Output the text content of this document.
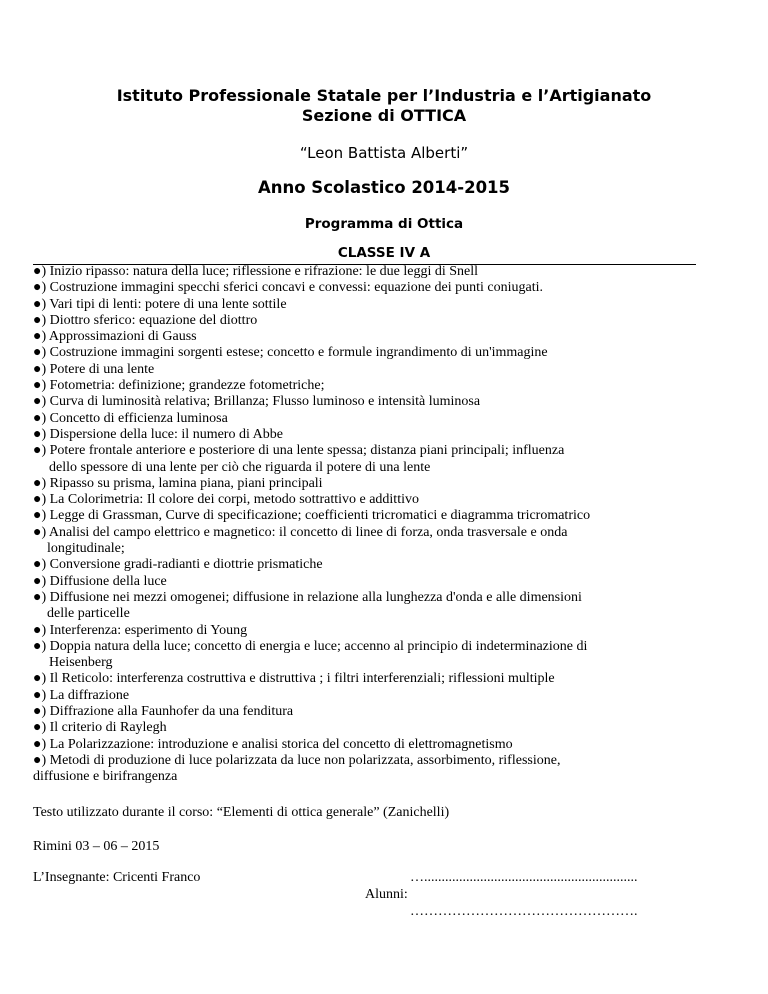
Istituto Professionale Statale per l’Industria e l’Artigianato
Sezione di OTTICA
“Leon Battista Alberti”
Anno Scolastico 2014-2015
Programma di Ottica
CLASSE IV A
●) Inizio ripasso: natura della luce; riflessione e rifrazione: le due leggi di Snell
●) Costruzione immagini specchi sferici concavi e convessi: equazione dei punti coniugati.
●) Vari tipi di lenti: potere di una lente sottile
●) Diottro sferico: equazione del diottro
●) Approssimazioni di Gauss
●) Costruzione immagini sorgenti estese; concetto e formule ingrandimento di un'immagine
●) Potere di una lente
●) Fotometria: definizione; grandezze fotometriche;
●) Curva di luminosità relativa; Brillanza; Flusso luminoso e intensità luminosa
●) Concetto di efficienza luminosa
●) Dispersione della luce: il numero di Abbe
●) Potere frontale anteriore e posteriore di una lente spessa; distanza piani principali; influenza
dello spessore di una lente per ciò che riguarda il potere di una lente
●) Ripasso su prisma, lamina piana, piani principali
●) La Colorimetria: Il colore dei corpi, metodo sottrattivo e addittivo
●) Legge di Grassman, Curve di specificazione; coefficienti tricromatici e diagramma tricromatrico
●) Analisi del campo elettrico e magnetico: il concetto di linee di forza, onda trasversale e onda
longitudinale;
●) Conversione gradi-radianti e diottrie prismatiche
●) Diffusione della luce
●) Diffusione nei mezzi omogenei; diffusione in relazione alla lunghezza d'onda e alle dimensioni
delle particelle
●) Interferenza: esperimento di Young
●) Doppia natura della luce; concetto di energia e luce; accenno al principio di indeterminazione di
Heisenberg
●) Il Reticolo: interferenza costruttiva e distruttiva ; i filtri interferenziali; riflessioni multiple
●) La diffrazione
●) Diffrazione alla Faunhofer da una fenditura
●) Il criterio di Raylegh
●) La Polarizzazione: introduzione e analisi storica del concetto di elettromagnetismo
●) Metodi di produzione di luce polarizzata da luce non polarizzata, assorbimento, riflessione,
diffusione e birifrangenza
Testo utilizzato durante il corso: “Elementi di ottica generale” (Zanichelli)
Rimini 03 – 06 – 2015
L’Insegnante: Cricenti Franco	….............................................................
Alunni:
………………………………………….
